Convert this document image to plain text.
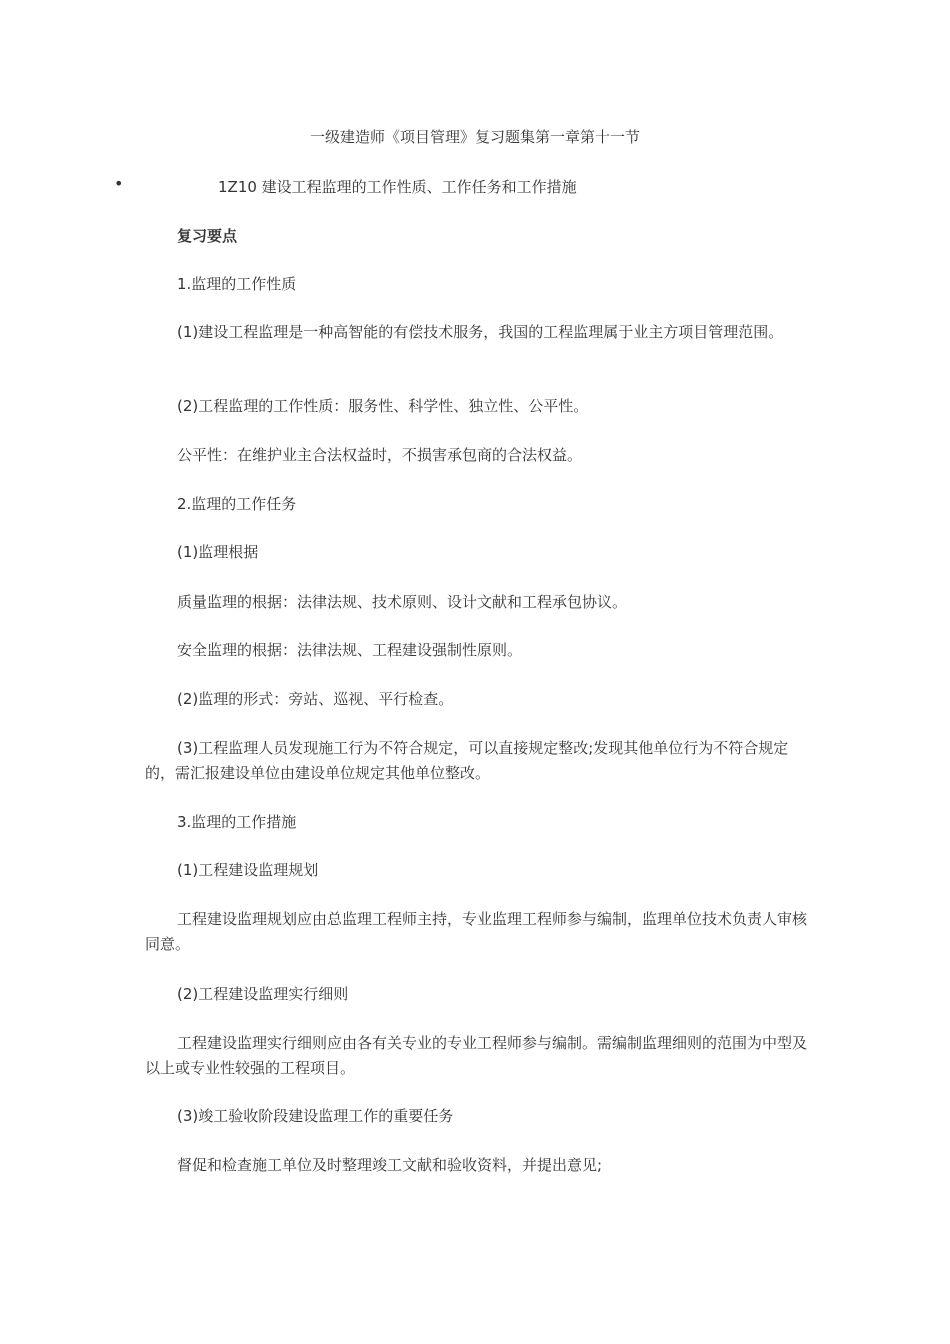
一级建造师《项目管理》复习题集第一章第十一节
•	1Z10 建设工程监理的工作性质、工作任务和工作措施
复习要点
1.监理的工作性质
(1)建设工程监理是一种高智能的有偿技术服务，我国的工程监理属于业主方项目管理范围。
(2)工程监理的工作性质：服务性、科学性、独立性、公平性。
公平性：在维护业主合法权益时，不损害承包商的合法权益。
2.监理的工作任务
(1)监理根据
质量监理的根据：法律法规、技术原则、设计文献和工程承包协议。
安全监理的根据：法律法规、工程建设强制性原则。
(2)监理的形式：旁站、巡视、平行检查。
(3)工程监理人员发现施工行为不符合规定，可以直接规定整改;发现其他单位行为不符合规定的，需汇报建设单位由建设单位规定其他单位整改。
3.监理的工作措施
(1)工程建设监理规划
工程建设监理规划应由总监理工程师主持，专业监理工程师参与编制，监理单位技术负责人审核同意。
(2)工程建设监理实行细则
工程建设监理实行细则应由各有关专业的专业工程师参与编制。需编制监理细则的范围为中型及以上或专业性较强的工程项目。
(3)竣工验收阶段建设监理工作的重要任务
督促和检查施工单位及时整理竣工文献和验收资料，并提出意见;
